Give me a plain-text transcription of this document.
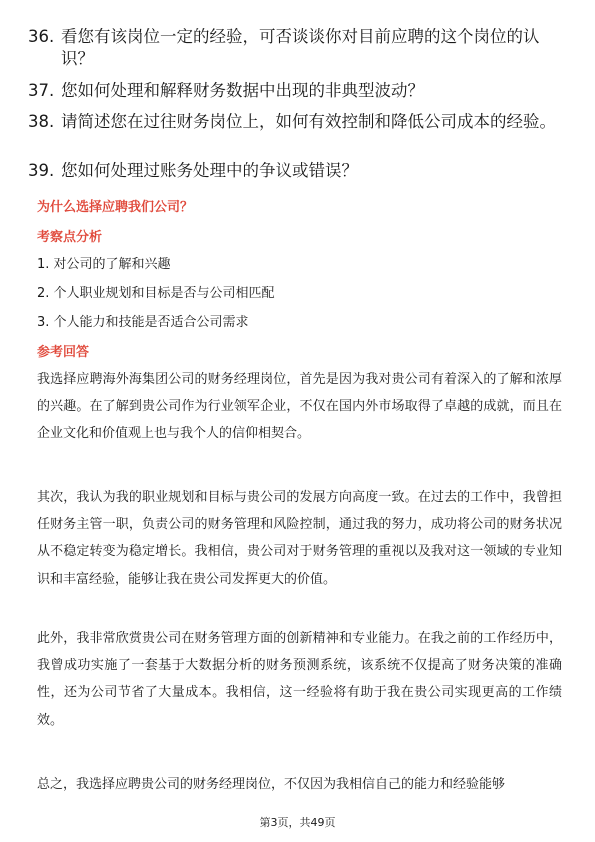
36. 看您有该岗位一定的经验，可否谈谈你对目前应聘的这个岗位的认识？
37. 您如何处理和解释财务数据中出现的非典型波动？
38. 请简述您在过往财务岗位上，如何有效控制和降低公司成本的经验。
39. 您如何处理过账务处理中的争议或错误？
为什么选择应聘我们公司？
考察点分析
1. 对公司的了解和兴趣
2. 个人职业规划和目标是否与公司相匹配
3. 个人能力和技能是否适合公司需求
参考回答
我选择应聘海外海集团公司的财务经理岗位，首先是因为我对贵公司有着深入的了解和浓厚的兴趣。在了解到贵公司作为行业领军企业，不仅在国内外市场取得了卓越的成就，而且在企业文化和价值观上也与我个人的信仰相契合。
其次，我认为我的职业规划和目标与贵公司的发展方向高度一致。在过去的工作中，我曾担任财务主管一职，负责公司的财务管理和风险控制，通过我的努力，成功将公司的财务状况从不稳定转变为稳定增长。我相信，贵公司对于财务管理的重视以及我对这一领域的专业知识和丰富经验，能够让我在贵公司发挥更大的价值。
此外，我非常欣赏贵公司在财务管理方面的创新精神和专业能力。在我之前的工作经历中，我曾成功实施了一套基于大数据分析的财务预测系统，该系统不仅提高了财务决策的准确性，还为公司节省了大量成本。我相信，这一经验将有助于我在贵公司实现更高的工作绩效。
总之，我选择应聘贵公司的财务经理岗位，不仅因为我相信自己的能力和经验能够
第3页，共49页
